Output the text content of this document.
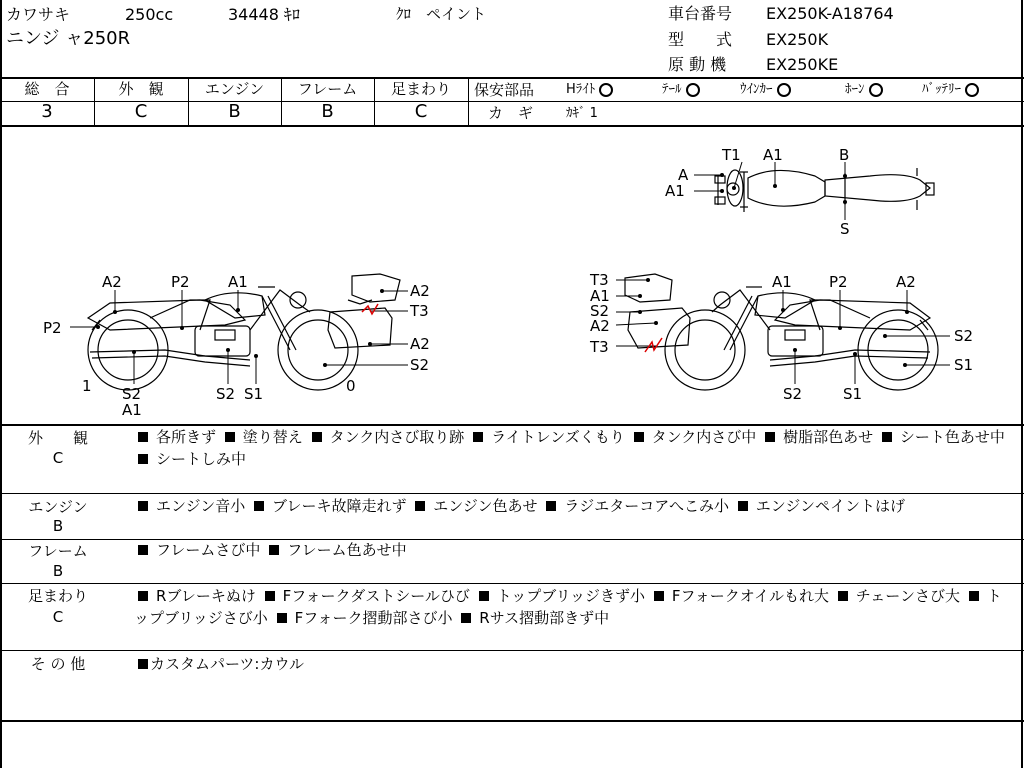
カワサキ	250cc	34448 ｷﾛ	ｸﾛ　ペイント
ニンジ ャ250R
車台番号 EX250K-A18764
型　　式 EX250K
原 動 機 EX250KE
総　合	外　観	エンジン	フレーム	足まわり
3	C	B	B	C
保安部品 Hﾗｲﾄ	ﾃｰﾙ	ｳｲﾝｶｰ	ﾎｰﾝ	ﾊﾞｯﾃﾘｰ
カ　ギ	ｶｷﾞ 1
T1 A1	B
A
A1
S
A2	P2	A1
P2
1 S2
A1
S2 S1	0
A2
T3
A2
S2
T3
A1
S2
A2
T3
A1 P2	A2
S2
S1
S2	S1
外　　観
C
各所きず 塗り替え タンク内さび取り跡 ライトレンズくもり タンク内さび中 樹脂部色あせ シート色あせ中 シートしみ中
エンジン
B
エンジン音小 ブレーキ故障走れず エンジン色あせ ラジエターコアへこみ小 エンジンペイントはげ
フレーム
B
フレームさび中 フレーム色あせ中
足まわり
C
Rブレーキぬけ Fフォークダストシールひび トップブリッジきず小 Fフォークオイルもれ大 チェーンさび大 トップブリッジさび小 Fフォーク摺動部さび小 Rサス摺動部きず中
そ の 他	カスタムパーツ:カウル
